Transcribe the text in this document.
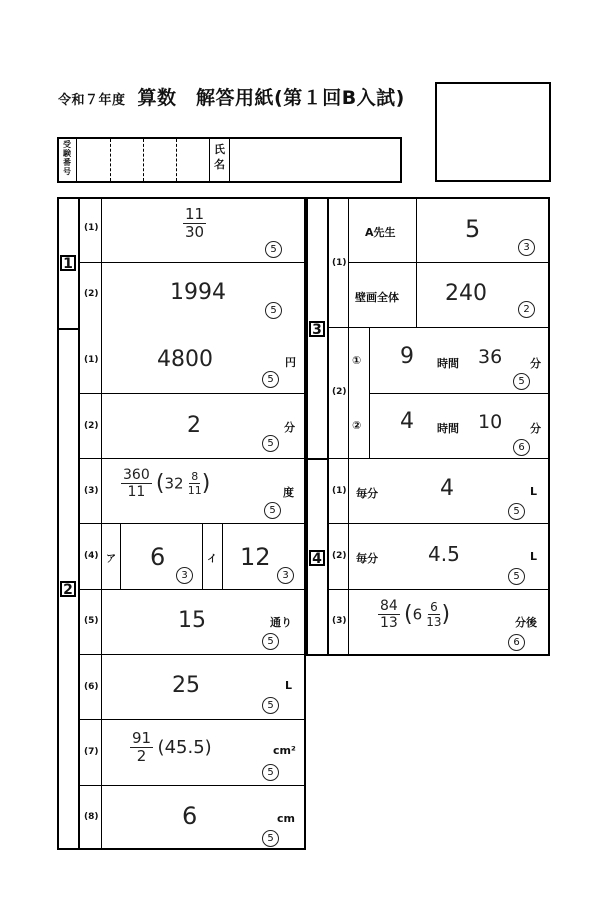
令和７年度 算数　解答用紙(第１回B入試)
受
験
番
号
氏
名
1
2
(1)	$\frac{11}{30}$
5
(2)	1994
5
(1)	4800	円
5
(2)	2	分
5
$(3) \frac{360}{11} (32 \frac{8}{11}$ )	度
5
(4) ア 6
3
イ 12
3
(5)	15	通り
5
(6)	25	L
5
$(7) \frac{91}{2} (45.5)$	cm²
5
(8)	6	cm
5
3
4
(1)
A先生	5
3
壁画全体 240
2
(2)
① 9 時間 36	分
5
② 4 時間 10	分
6
(1) 毎分	4	L
5
(2) 毎分	4.5	L
5
$(3) \frac{84}{13} (6 \frac{6}{13}$ )	分後
6
